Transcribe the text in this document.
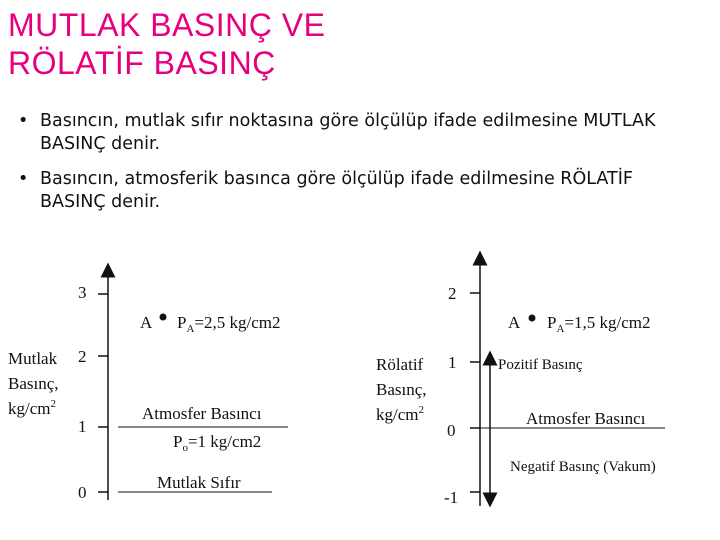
MUTLAK BASINÇ VE
RÖLATİF BASINÇ
• Basıncın, mutlak sıfır noktasına göre ölçülüp ifade edilmesine MUTLAK BASINÇ denir.
• Basıncın, atmosferik basınca göre ölçülüp ifade edilmesine RÖLATİF BASINÇ denir.
Mutlak
Basınç,
$kg/cm^2$
3
2
1
0
A $P_A=2,5$ kg/cm2
Atmosfer Basıncı
$P_o=1$ kg/cm2
Mutlak Sıfır
Rölatif
Basınç,
$kg/cm^2$
2
1
0
-1
A $P_A=1,5$ kg/cm2
Pozitif Basınç
Atmosfer Basıncı
Negatif Basınç (Vakum)
